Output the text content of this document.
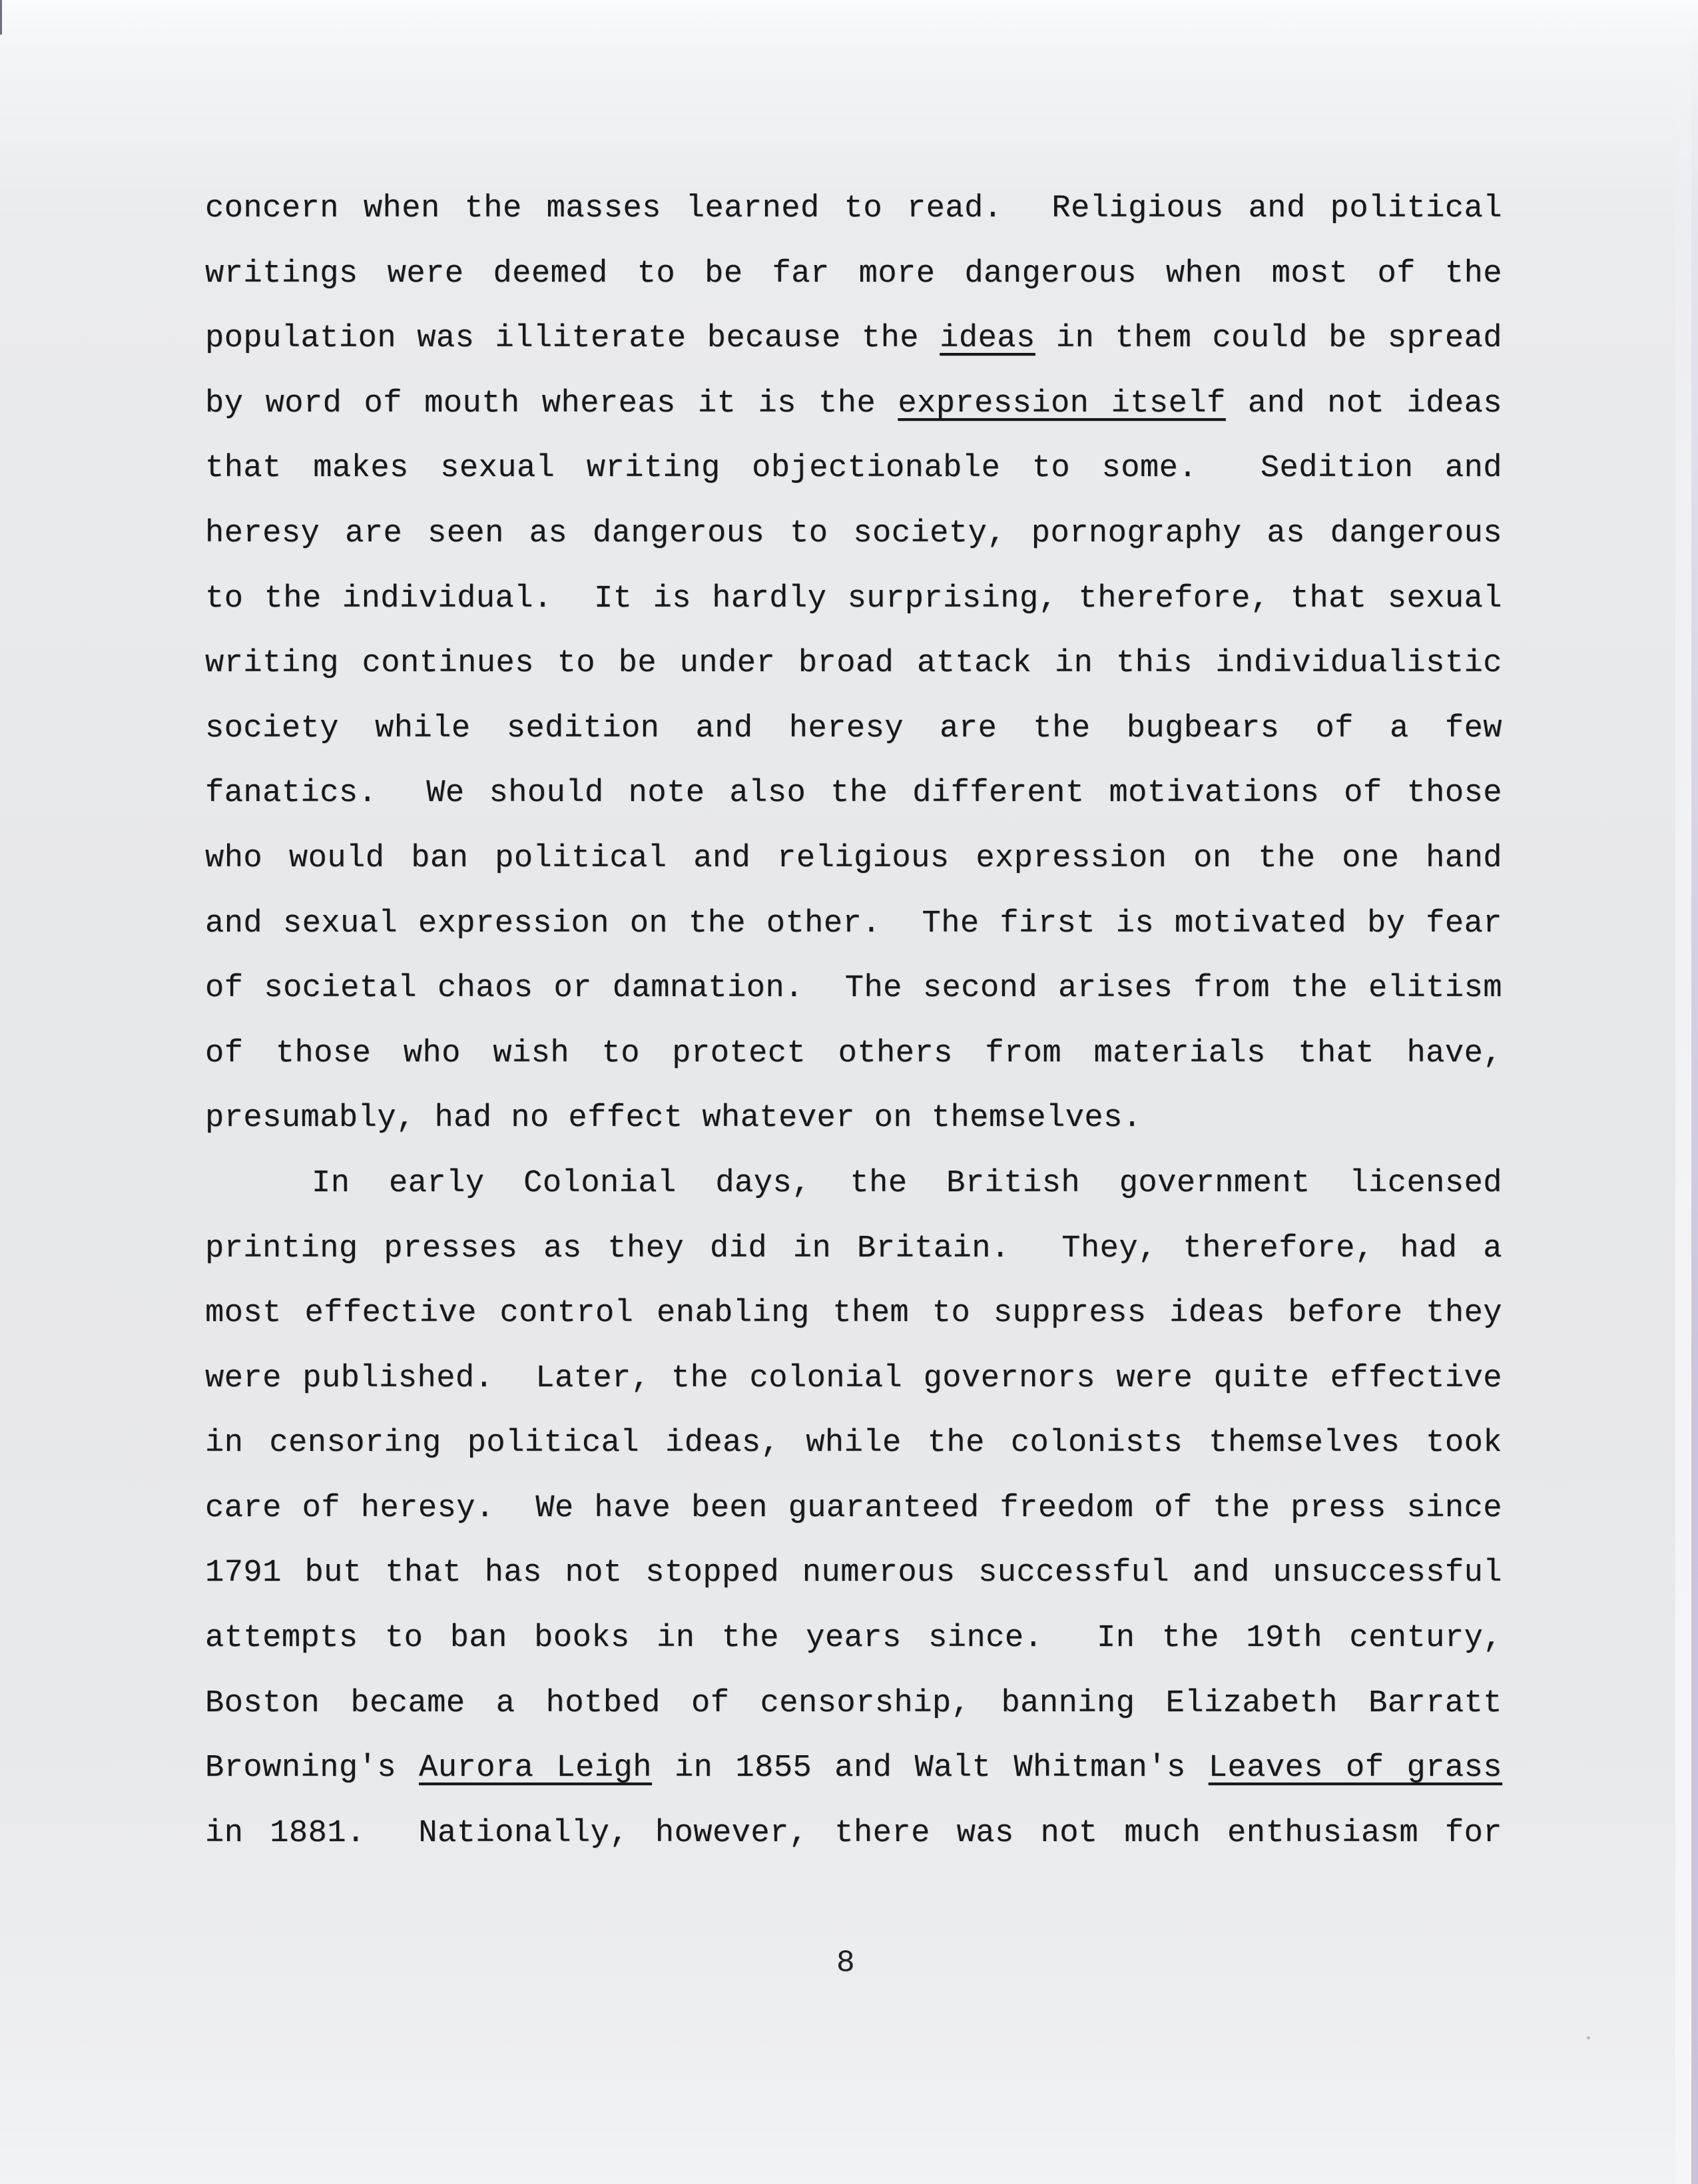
concern when the masses learned to read.  Religious and political
writings were deemed to be far more dangerous when most of the
population was illiterate because the ideas in them could be spread
by word of mouth whereas it is the expression itself and not ideas
that makes sexual writing objectionable to some.  Sedition and
heresy are seen as dangerous to society, pornography as dangerous
to the individual.  It is hardly surprising, therefore, that sexual
writing continues to be under broad attack in this individualistic
society while sedition and heresy are the bugbears of a few
fanatics.  We should note also the different motivations of those
who would ban political and religious expression on the one hand
and sexual expression on the other.  The first is motivated by fear
of societal chaos or damnation.  The second arises from the elitism
of those who wish to protect others from materials that have,
presumably, had no effect whatever on themselves.
In early Colonial days, the British government licensed
printing presses as they did in Britain.  They, therefore, had a
most effective control enabling them to suppress ideas before they
were published.  Later, the colonial governors were quite effective
in censoring political ideas, while the colonists themselves took
care of heresy.  We have been guaranteed freedom of the press since
1791 but that has not stopped numerous successful and unsuccessful
attempts to ban books in the years since.  In the 19th century,
Boston became a hotbed of censorship, banning Elizabeth Barratt
Browning's Aurora Leigh in 1855 and Walt Whitman's Leaves of grass
in 1881.  Nationally, however, there was not much enthusiasm for
8
